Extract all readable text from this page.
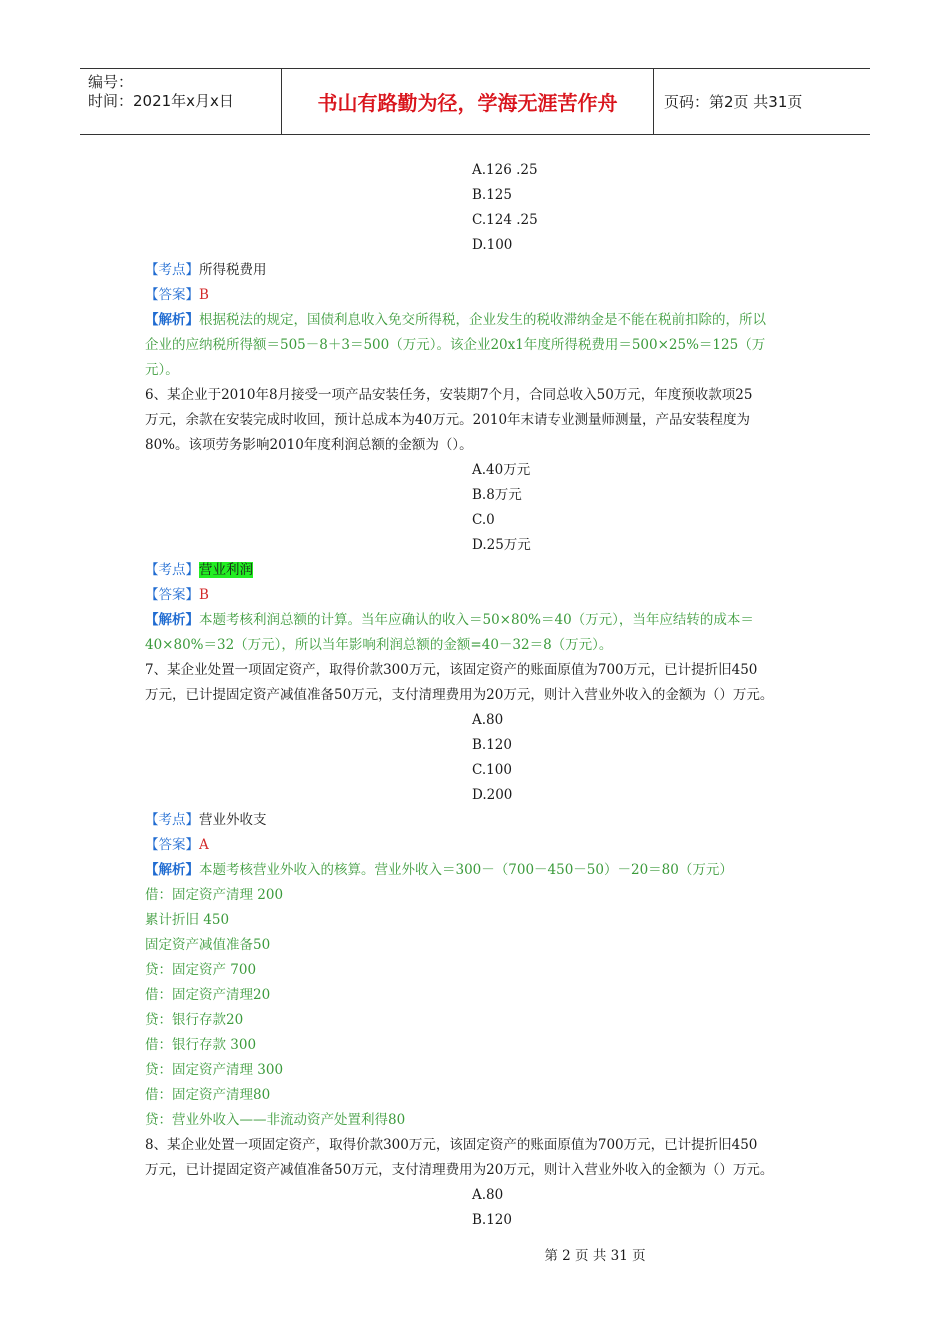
编号：
时间：2021年x月x日	书山有路勤为径，学海无涯苦作舟	页码：第2页 共31页
A.126 .25
B.125
C.124 .25
D.100
【考点】所得税费用
【答案】B
【解析】根据税法的规定，国债利息收入免交所得税，企业发生的税收滞纳金是不能在税前扣除的，所以
企业的应纳税所得额＝505－8＋3＝500（万元）。该企业20x1年度所得税费用＝500×25%＝125（万
元）。
6、某企业于2010年8月接受一项产品安装任务，安装期7个月，合同总收入50万元，年度预收款项25
万元，余款在安装完成时收回，预计总成本为40万元。2010年末请专业测量师测量，产品安装程度为
80%。该项劳务影响2010年度利润总额的金额为（）。
A.40万元
B.8万元
C.0
D.25万元
【考点】营业利润
【答案】B
【解析】本题考核利润总额的计算。当年应确认的收入＝50×80%＝40（万元），当年应结转的成本＝
40×80%＝32（万元），所以当年影响利润总额的金额=40－32＝8（万元）。
7、某企业处置一项固定资产，取得价款300万元，该固定资产的账面原值为700万元，已计提折旧450
万元，已计提固定资产减值准备50万元，支付清理费用为20万元，则计入营业外收入的金额为（）万元。
A.80
B.120
C.100
D.200
【考点】营业外收支
【答案】A
【解析】本题考核营业外收入的核算。营业外收入＝300－（700－450－50）－20＝80（万元）
借：固定资产清理 200
累计折旧 450
固定资产减值准备50
贷：固定资产 700
借：固定资产清理20
贷：银行存款20
借：银行存款 300
贷：固定资产清理 300
借：固定资产清理80
贷：营业外收入——非流动资产处置利得80
8、某企业处置一项固定资产，取得价款300万元，该固定资产的账面原值为700万元，已计提折旧450
万元，已计提固定资产减值准备50万元，支付清理费用为20万元，则计入营业外收入的金额为（）万元。
A.80
B.120
第 2 页 共 31 页
